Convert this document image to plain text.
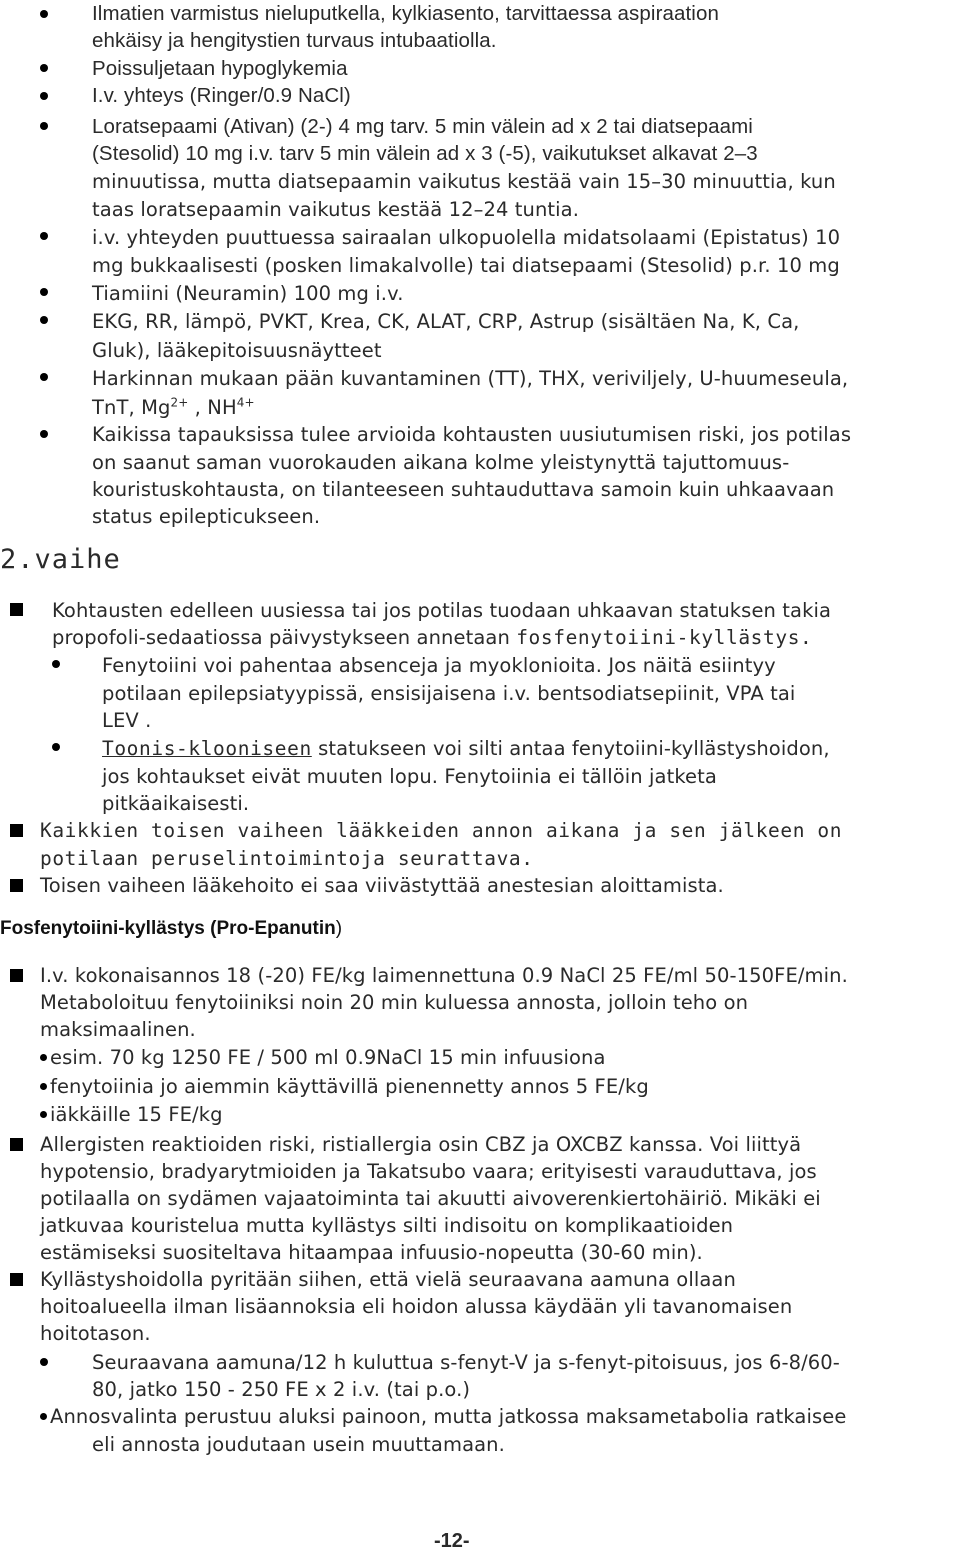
Ilmatien varmistus nieluputkella, kylkiasento, tarvittaessa aspiraation
ehkäisy ja hengitystien turvaus intubaatiolla.
Poissuljetaan hypoglykemia
I.v. yhteys (Ringer/0.9 NaCl)
Loratsepaami (Ativan) (2-) 4 mg tarv. 5 min välein ad x 2 tai diatsepaami
(Stesolid) 10 mg i.v. tarv 5 min välein ad x 3 (-5), vaikutukset alkavat 2–3
minuutissa, mutta diatsepaamin vaikutus kestää vain 15–30 minuuttia, kun
taas loratsepaamin vaikutus kestää 12–24 tuntia.
i.v. yhteyden puuttuessa sairaalan ulkopuolella midatsolaami (Epistatus) 10
mg bukkaalisesti (posken limakalvolle) tai diatsepaami (Stesolid) p.r. 10 mg
Tiamiini (Neuramin) 100 mg i.v.
EKG, RR, lämpö, PVKT, Krea, CK, ALAT, CRP, Astrup (sisältäen Na, K, Ca,
Gluk), lääkepitoisuusnäytteet
Harkinnan mukaan pään kuvantaminen (TT), THX, veriviljely, U-huumeseula,
TnT, $Mg^{2+}$ , $NH^{4+}$
Kaikissa tapauksissa tulee arvioida kohtausten uusiutumisen riski, jos potilas
on saanut saman vuorokauden aikana kolme yleistynyttä tajuttomuus-
kouristuskohtausta, on tilanteeseen suhtauduttava samoin kuin uhkaavaan
status epilepticukseen.
2.vaihe
Kohtausten edelleen uusiessa tai jos potilas tuodaan uhkaavan statuksen takia
propofoli-sedaatiossa päivystykseen annetaan fosfenytoiini-kyllästys.
Fenytoiini voi pahentaa absenceja ja myoklonioita. Jos näitä esiintyy
potilaan epilepsiatyypissä, ensisijaisena i.v. bentsodiatsepiinit, VPA tai
LEV .
Toonis-klooniseen statukseen voi silti antaa fenytoiini-kyllästyshoidon,
jos kohtaukset eivät muuten lopu. Fenytoiinia ei tällöin jatketa
pitkäaikaisesti.
Kaikkien toisen vaiheen lääkkeiden annon aikana ja sen jälkeen on
potilaan peruselintoimintoja seurattava.
Toisen vaiheen lääkehoito ei saa viivästyttää anestesian aloittamista.
Fosfenytoiini-kyllästys (Pro-Epanutin)
I.v. kokonaisannos 18 (-20) FE/kg laimennettuna 0.9 NaCl 25 FE/ml 50-150FE/min.
Metaboloituu fenytoiiniksi noin 20 min kuluessa annosta, jolloin teho on
maksimaalinen.
esim. 70 kg 1250 FE / 500 ml 0.9NaCl 15 min infuusiona
fenytoiinia jo aiemmin käyttävillä pienennetty annos 5 FE/kg
iäkkäille 15 FE/kg
Allergisten reaktioiden riski, ristiallergia osin CBZ ja OXCBZ kanssa. Voi liittyä
hypotensio, bradyarytmioiden ja Takatsubo vaara; erityisesti varauduttava, jos
potilaalla on sydämen vajaatoiminta tai akuutti aivoverenkiertohäiriö. Mikäki ei
jatkuvaa kouristelua mutta kyllästys silti indisoitu on komplikaatioiden
estämiseksi suositeltava hitaampaa infuusio-nopeutta (30-60 min).
Kyllästyshoidolla pyritään siihen, että vielä seuraavana aamuna ollaan
hoitoalueella ilman lisäannoksia eli hoidon alussa käydään yli tavanomaisen
hoitotason.
Seuraavana aamuna/12 h kuluttua s-fenyt-V ja s-fenyt-pitoisuus, jos 6-8/60-
80, jatko 150 - 250 FE x 2 i.v. (tai p.o.)
Annosvalinta perustuu aluksi painoon, mutta jatkossa maksametabolia ratkaisee
eli annosta joudutaan usein muuttamaan.
-12-
